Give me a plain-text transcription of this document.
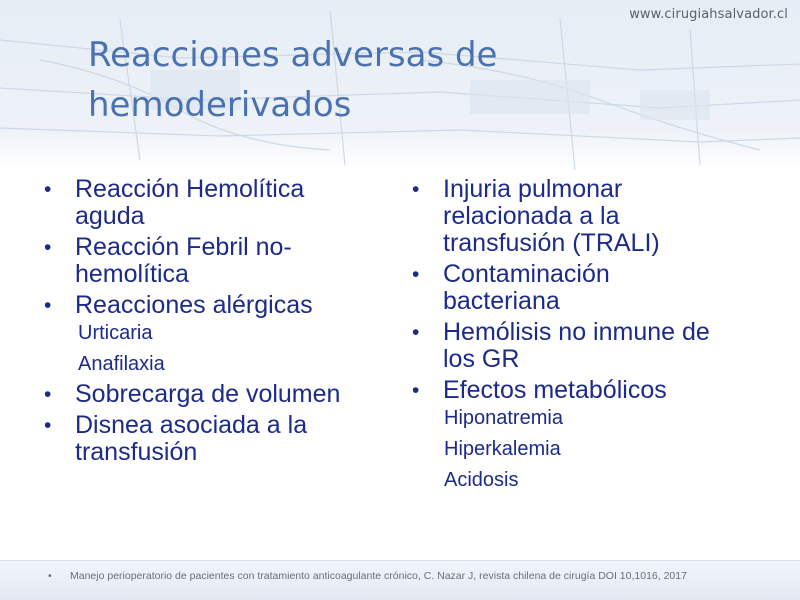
www.cirugiahsalvador.cl
Reacciones adversas de
hemoderivados
• Reacción Hemolítica aguda
• Reacción Febril no-hemolítica
• Reacciones alérgicas
Urticaria
Anafilaxia
• Sobrecarga de volumen
• Disnea asociada a la transfusión
• Injuria pulmonar relacionada a la transfusión (TRALI)
• Contaminación bacteriana
• Hemólisis no inmune de los GR
• Efectos metabólicos
Hiponatremia
Hiperkalemia
Acidosis
•	Manejo perioperatorio de pacientes con tratamiento anticoagulante crónico, C. Nazar J, revista chilena de cirugía DOI 10,1016, 2017
